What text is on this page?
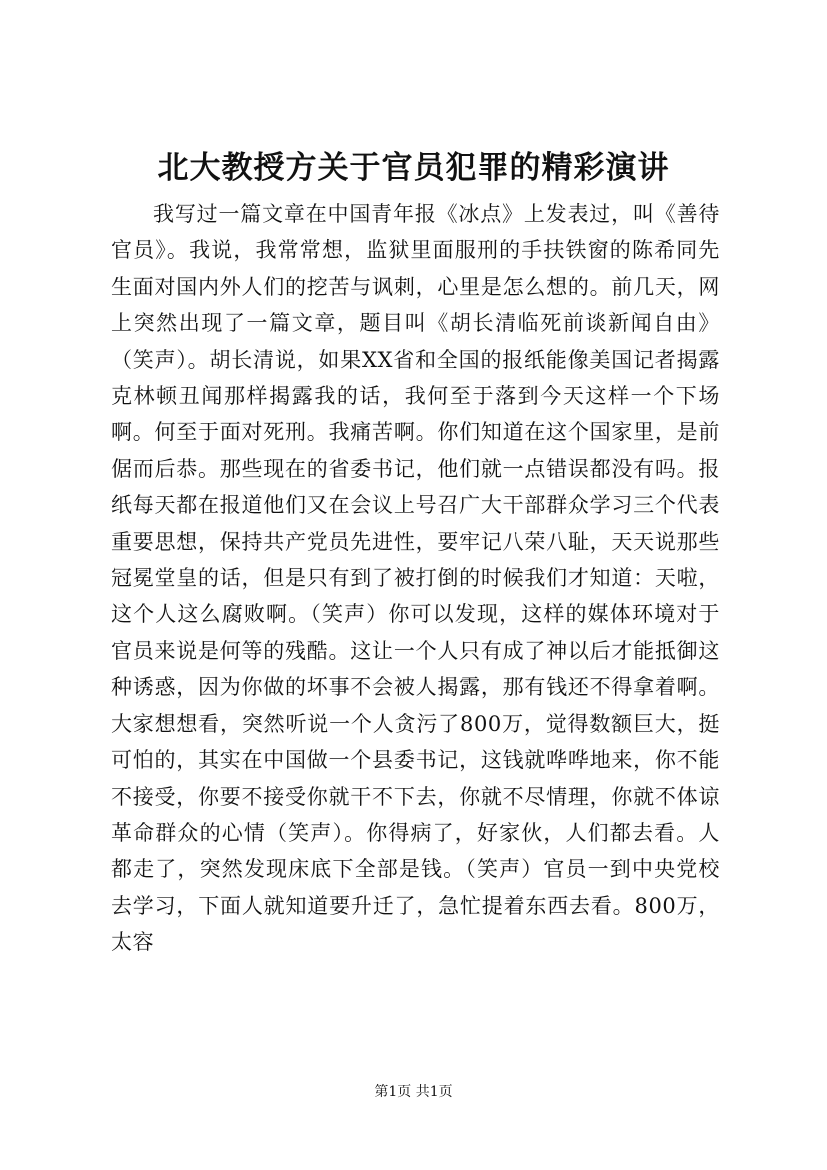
北大教授方关于官员犯罪的精彩演讲

我写过一篇文章在中国青年报《冰点》上发表过，叫《善待官员》。我说，我常常想，监狱里面服刑的手扶铁窗的陈希同先生面对国内外人们的挖苦与讽刺，心里是怎么想的。前几天，网上突然出现了一篇文章，题目叫《胡长清临死前谈新闻自由》（笑声）。胡长清说，如果XX省和全国的报纸能像美国记者揭露克林顿丑闻那样揭露我的话，我何至于落到今天这样一个下场啊。何至于面对死刑。我痛苦啊。你们知道在这个国家里，是前倨而后恭。那些现在的省委书记，他们就一点错误都没有吗。报纸每天都在报道他们又在会议上号召广大干部群众学习三个代表重要思想，保持共产党员先进性，要牢记八荣八耻，天天说那些冠冕堂皇的话，但是只有到了被打倒的时候我们才知道：天啦，这个人这么腐败啊。（笑声）你可以发现，这样的媒体环境对于官员来说是何等的残酷。这让一个人只有成了神以后才能抵御这种诱惑，因为你做的坏事不会被人揭露，那有钱还不得拿着啊。大家想想看，突然听说一个人贪污了800万，觉得数额巨大，挺可怕的，其实在中国做一个县委书记，这钱就哗哗地来，你不能不接受，你要不接受你就干不下去，你就不尽情理，你就不体谅革命群众的心情（笑声）。你得病了，好家伙，人们都去看。人都走了，突然发现床底下全部是钱。（笑声）官员一到中央党校去学习，下面人就知道要升迁了，急忙提着东西去看。800万，太容

第1页 共1页
